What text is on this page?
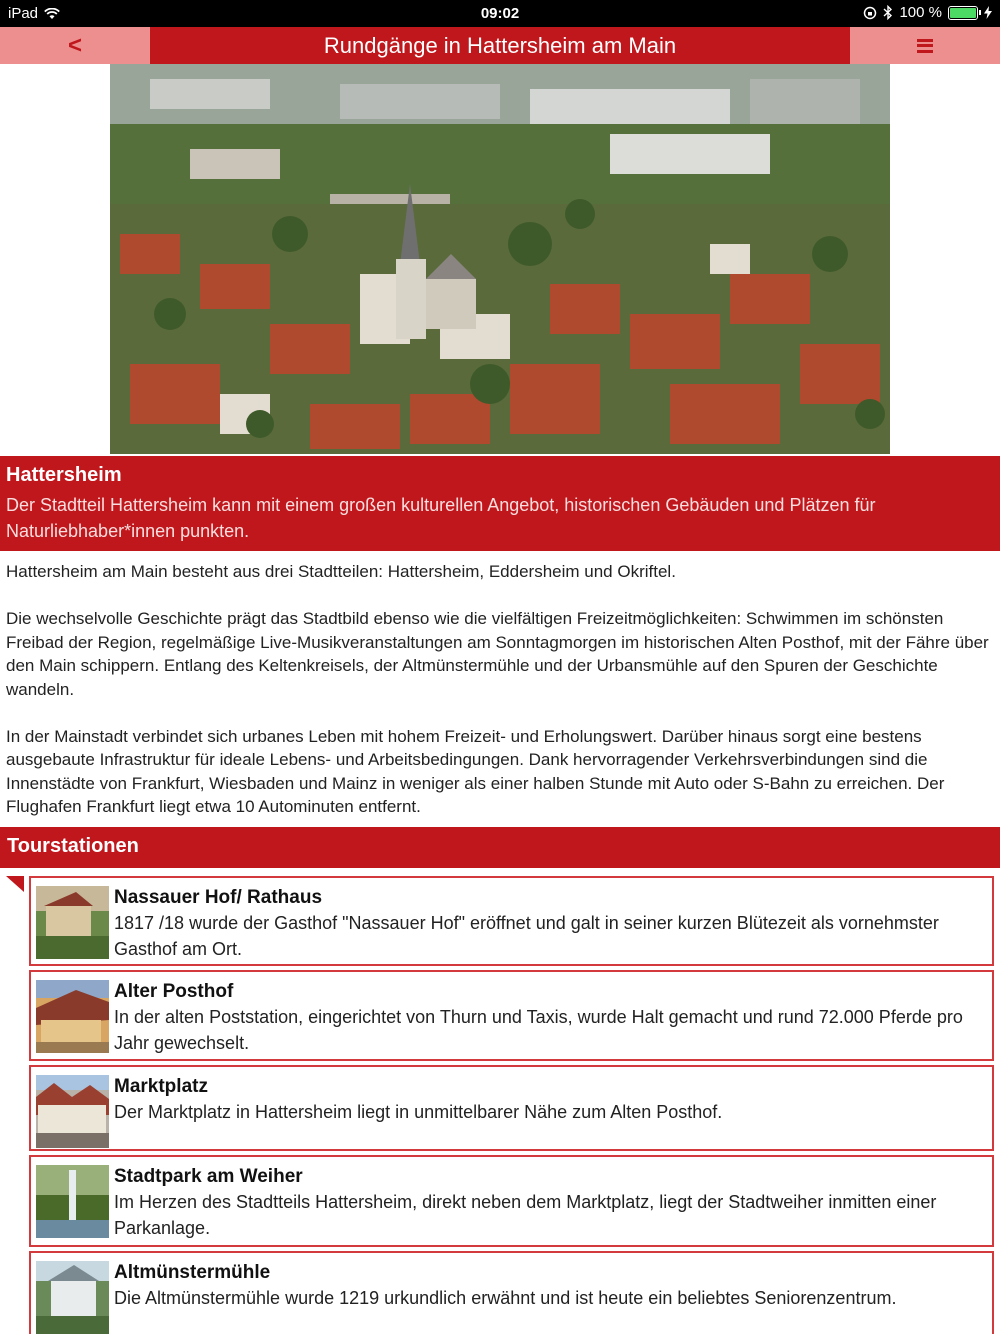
iPad	09:02	100 %
<	Rundgänge in Hattersheim am Main
Hattersheim
Der Stadtteil Hattersheim kann mit einem großen kulturellen Angebot, historischen Gebäuden und Plätzen für Naturliebhaber*innen punkten.

Hattersheim am Main besteht aus drei Stadtteilen: Hattersheim, Eddersheim und Okriftel.

Die wechselvolle Geschichte prägt das Stadtbild ebenso wie die vielfältigen Freizeitmöglichkeiten: Schwimmen im schönsten Freibad der Region, regelmäßige Live-Musikveranstaltungen am Sonntagmorgen im historischen Alten Posthof, mit der Fähre über den Main schippern. Entlang des Keltenkreisels, der Altmünstermühle und der Urbansmühle auf den Spuren der Geschichte wandeln.

In der Mainstadt verbindet sich urbanes Leben mit hohem Freizeit- und Erholungswert. Darüber hinaus sorgt eine bestens ausgebaute Infrastruktur für ideale Lebens- und Arbeitsbedingungen. Dank hervorragender Verkehrsverbindungen sind die Innenstädte von Frankfurt, Wiesbaden und Mainz in weniger als einer halben Stunde mit Auto oder S-Bahn zu erreichen. Der Flughafen Frankfurt liegt etwa 10 Autominuten entfernt.

Tourstationen
Nassauer Hof/ Rathaus
1817 /18 wurde der Gasthof "Nassauer Hof" eröffnet und galt in seiner kurzen Blütezeit als vornehmster Gasthof am Ort.
Alter Posthof
In der alten Poststation, eingerichtet von Thurn und Taxis, wurde Halt gemacht und rund 72.000 Pferde pro Jahr gewechselt.
Marktplatz
Der Marktplatz in Hattersheim liegt in unmittelbarer Nähe zum Alten Posthof.
Stadtpark am Weiher
Im Herzen des Stadtteils Hattersheim, direkt neben dem Marktplatz, liegt der Stadtweiher inmitten einer Parkanlage.
Altmünstermühle
Die Altmünstermühle wurde 1219 urkundlich erwähnt und ist heute ein beliebtes Seniorenzentrum.
